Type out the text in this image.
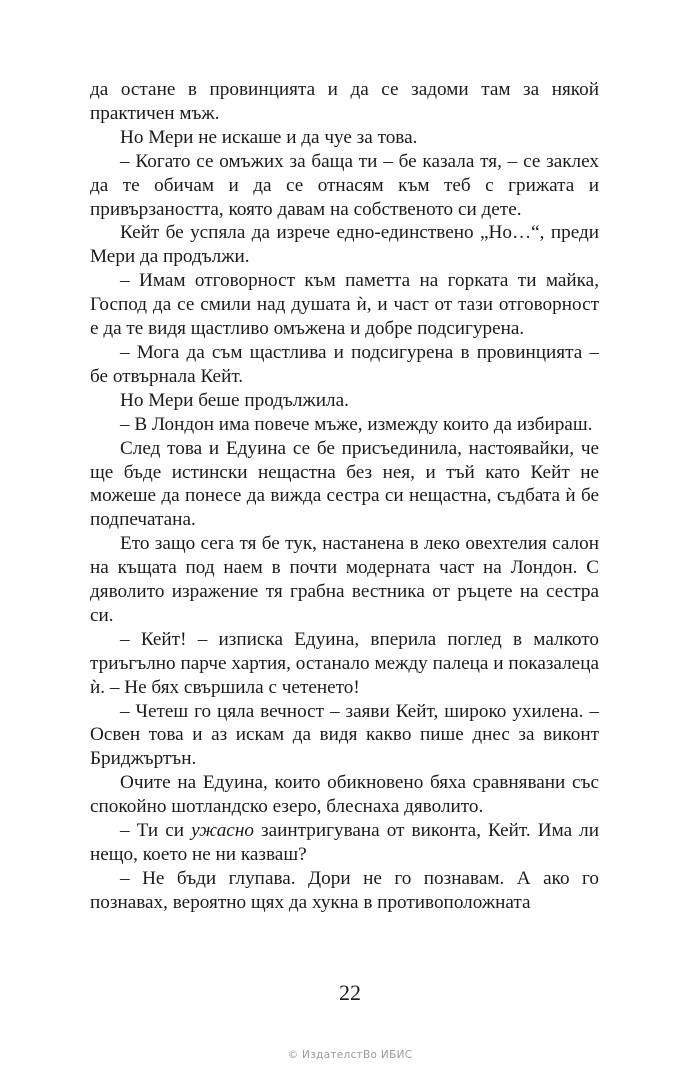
да остане в провинцията и да се задоми там за някой практичен мъж.

Но Мери не искаше и да чуе за това.

– Когато се омъжих за баща ти – бе казала тя, – се заклех да те обичам и да се отнасям към теб с грижата и привързаността, която давам на собственото си дете.

Кейт бе успяла да изрече едно-единствено „Но…“, преди Мери да продължи.

– Имам отговорност към паметта на горката ти майка, Господ да се смили над душата ѝ, и част от тази отговорност е да те видя щастливо омъжена и добре подсигурена.

– Мога да съм щастлива и подсигурена в провинцията – бе отвърнала Кейт.

Но Мери беше продължила.

– В Лондон има повече мъже, измежду които да избираш.

След това и Едуина се бе присъединила, настоявайки, че ще бъде истински нещастна без нея, и тъй като Кейт не можеше да понесе да вижда сестра си нещастна, съдбата ѝ бе подпечатана.

Ето защо сега тя бе тук, настанена в леко овехтелия салон на къщата под наем в почти модерната част на Лондон. С дяволито изражение тя грабна вестника от ръцете на сестра си.

– Кейт! – изписка Едуина, вперила поглед в малкото триъгълно парче хартия, останало между палеца и показалеца ѝ. – Не бях свършила с четенето!

– Четеш го цяла вечност – заяви Кейт, широко ухилена. – Освен това и аз искам да видя какво пише днес за виконт Бриджъртън.

Очите на Едуина, които обикновено бяха сравнявани със спокойно шотландско езеро, блеснаха дяволито.

– Ти си ужасно заинтригувана от виконта, Кейт. Има ли нещо, което не ни казваш?

– Не бъди глупава. Дори не го познавам. А ако го познавах, вероятно щях да хукна в противоположната

22
© ИздателстВо ИБИС
